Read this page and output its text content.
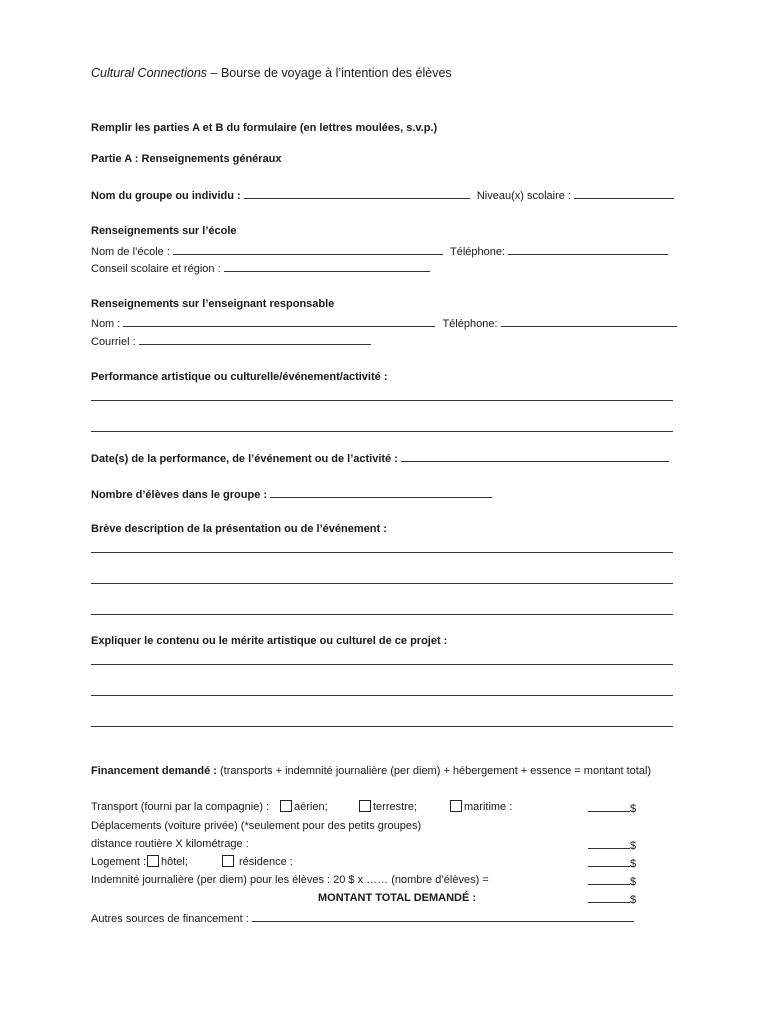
Cultural Connections – Bourse de voyage à l’intention des élèves
Remplir les parties A et B du formulaire (en lettres moulées, s.v.p.)
Partie A : Renseignements généraux
Nom du groupe ou individu :	Niveau(x) scolaire :
Renseignements sur l’école
Nom de l’école :	Téléphone:
Conseil scolaire et région :
Renseignements sur l’enseignant responsable
Nom :	Téléphone:
Courriel :
Performance artistique ou culturelle/événement/activité :
Date(s) de la performance, de l’événement ou de l’activité :
Nombre d’élèves dans le groupe :
Brève description de la présentation ou de l’événement :
Expliquer le contenu ou le mérite artistique ou culturel de ce projet :
Financement demandé : (transports + indemnité journalière (per diem) + hébergement + essence = montant total)
Transport (fourni par la compagnie) :	aérien;	terrestre;	maritime :	$
Déplacements (voiture privée) (*seulement pour des petits groupes)
distance routière X kilométrage :	$
Logement :	hôtel;	résidence :	$
Indemnité journalière (per diem) pour les élèves : 20 $ x …… (nombre d’élèves) =	$
MONTANT TOTAL DEMANDÉ :	$
Autres sources de financement :
